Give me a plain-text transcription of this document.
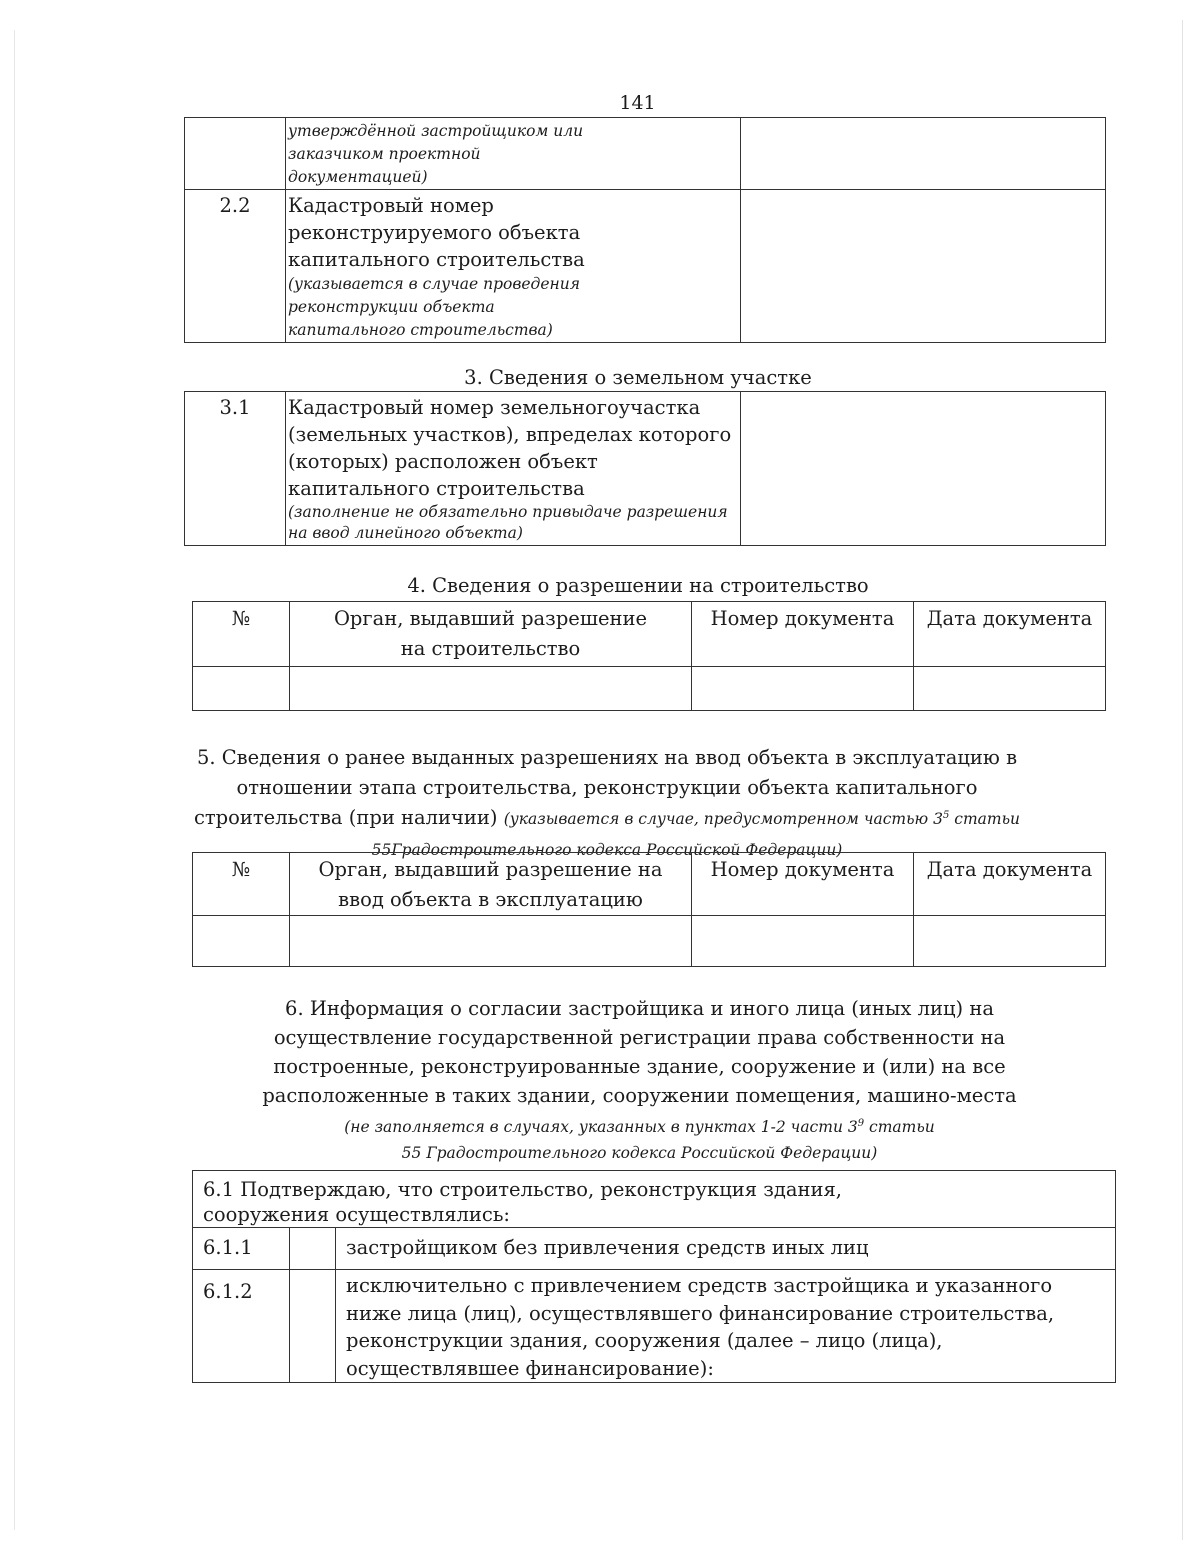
141

	утверждённой застройщиком или заказчиком проектной документацией)	

2.2	Кадастровый номер реконструируемого объекта капитального строительства
(указывается в случае проведения реконструкции объекта капитального строительства)	

3. Сведения о земельном участке
3.1	Кадастровый номер земельногоучастка (земельных участков), впределах которого (которых) расположен объект капитального строительства
(заполнение не обязательно привыдаче разрешения на ввод линейного объекта)

4. Сведения о разрешении на строительство
№	Орган, выдавший разрешение на строительство	Номер документа	Дата документа

5. Сведения о ранее выданных разрешениях на ввод объекта в эксплуатацию в отношении этапа строительства, реконструкции объекта капитального строительства (при наличии) (указывается в случае, предусмотренном частью $3^5$ статьи 55Градостроительного кодекса Российской Федерации)
№	Орган, выдавший разрешение на ввод объекта в эксплуатацию	Номер документа	Дата документа

6. Информация о согласии застройщика и иного лица (иных лиц) на осуществление государственной регистрации права собственности на построенные, реконструированные здание, сооружение и (или) на все расположенные в таких здании, сооружении помещения, машино-места
(не заполняется в случаях, указанных в пунктах 1-2 части $3^9$ статьи 55 Градостроительного кодекса Российской Федерации)
6.1 Подтверждаю, что строительство, реконструкция здания, сооружения осуществлялись:		

6.1.1		застройщиком без привлечения средств иных лиц
6.1.2		исключительно с привлечением средств застройщика и указанного ниже лица (лиц), осуществлявшего финансирование строительства, реконструкции здания, сооружения (далее – лицо (лица), осуществлявшее финансирование):
